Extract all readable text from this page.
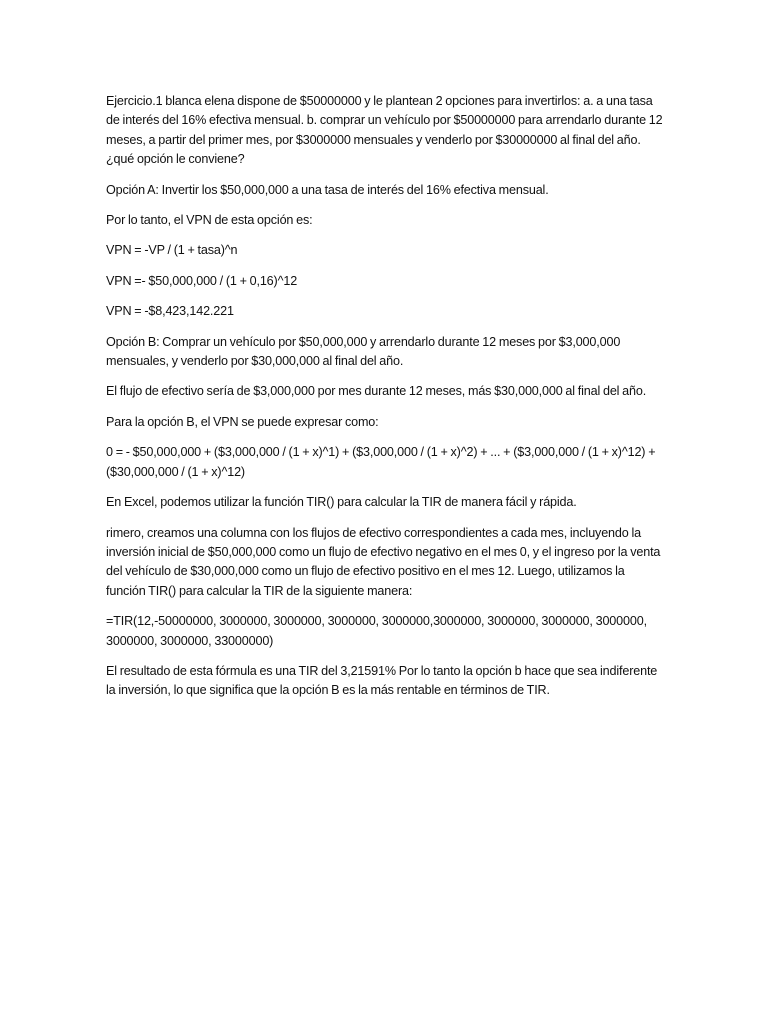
Ejercicio.1 blanca elena dispone de $50000000 y le plantean 2 opciones para invertirlos: a. a una tasa de interés del 16% efectiva mensual. b. comprar un vehículo por $50000000 para arrendarlo durante 12 meses, a partir del primer mes, por $3000000 mensuales y venderlo por $30000000 al final del año. ¿qué opción le conviene?

Opción A: Invertir los $50,000,000 a una tasa de interés del 16% efectiva mensual.

Por lo tanto, el VPN de esta opción es:

VPN = -VP / (1 + tasa)^n

VPN =- $50,000,000 / (1 + 0,16)^12

VPN = -$8,423,142.221

Opción B: Comprar un vehículo por $50,000,000 y arrendarlo durante 12 meses por $3,000,000 mensuales, y venderlo por $30,000,000 al final del año.

El flujo de efectivo sería de $3,000,000 por mes durante 12 meses, más $30,000,000 al final del año.

Para la opción B, el VPN se puede expresar como:

0 = - $50,000,000 + ($3,000,000 / (1 + x)^1) + ($3,000,000 / (1 + x)^2) + ... + ($3,000,000 / (1 + x)^12) + ($30,000,000 / (1 + x)^12)

En Excel, podemos utilizar la función TIR() para calcular la TIR de manera fácil y rápida.

rimero, creamos una columna con los flujos de efectivo correspondientes a cada mes, incluyendo la inversión inicial de $50,000,000 como un flujo de efectivo negativo en el mes 0, y el ingreso por la venta del vehículo de $30,000,000 como un flujo de efectivo positivo en el mes 12. Luego, utilizamos la función TIR() para calcular la TIR de la siguiente manera:

=TIR(12,-50000000, 3000000, 3000000, 3000000, 3000000,3000000, 3000000, 3000000, 3000000, 3000000, 3000000, 33000000)

El resultado de esta fórmula es una TIR del 3,21591% Por lo tanto la opción b hace que sea indiferente la inversión, lo que significa que la opción B es la más rentable en términos de TIR.
